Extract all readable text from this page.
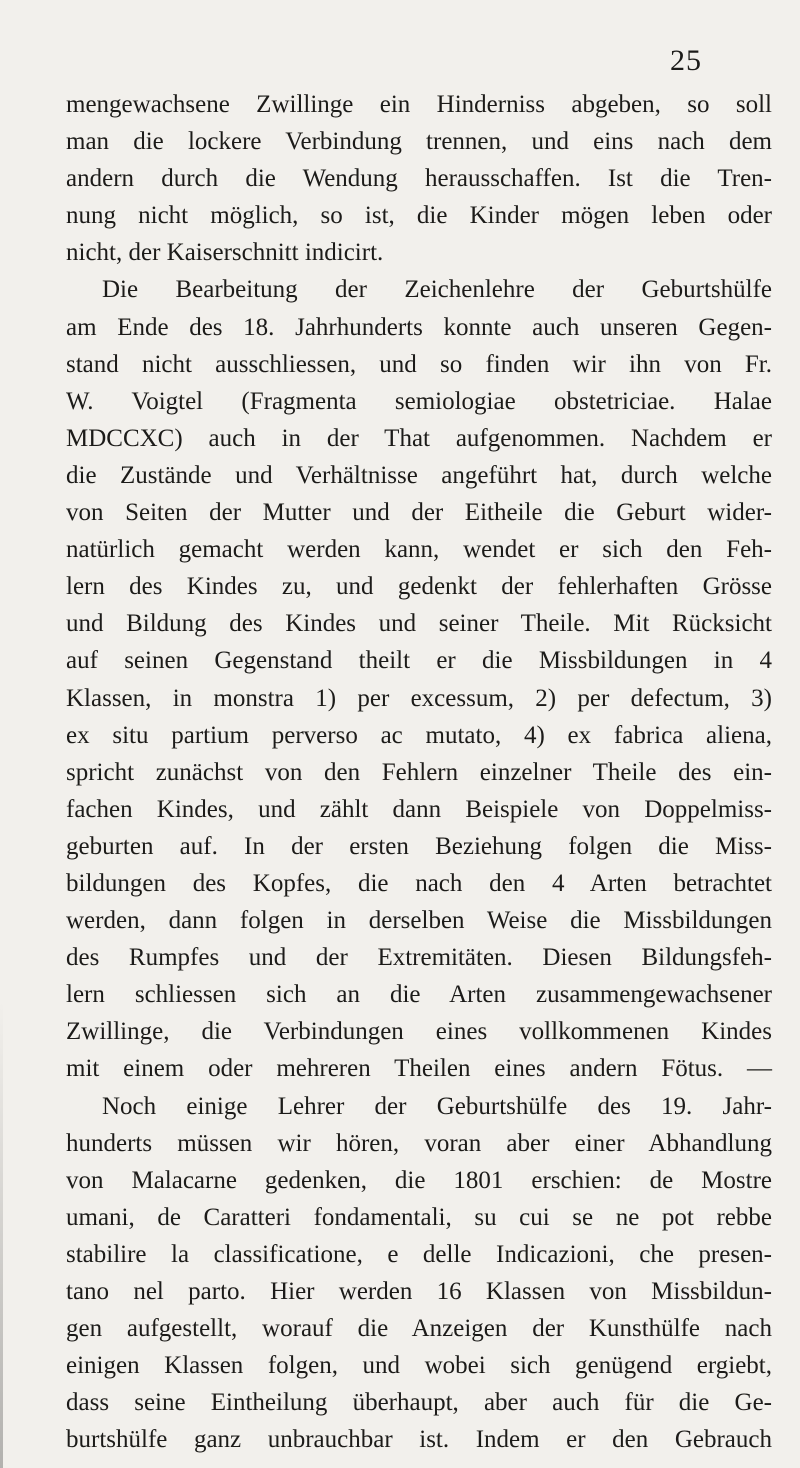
25
mengewachsene Zwillinge ein Hinderniss abgeben, so soll
man die lockere Verbindung trennen, und eins nach dem
andern durch die Wendung herausschaffen. Ist die Tren-
nung nicht möglich, so ist, die Kinder mögen leben oder
nicht, der Kaiserschnitt indicirt.
Die Bearbeitung der Zeichenlehre der Geburtshülfe
am Ende des 18. Jahrhunderts konnte auch unseren Gegen-
stand nicht ausschliessen, und so finden wir ihn von Fr.
W. Voigtel (Fragmenta semiologiae obstetriciae. Halae
MDCCXC) auch in der That aufgenommen. Nachdem er
die Zustände und Verhältnisse angeführt hat, durch welche
von Seiten der Mutter und der Eitheile die Geburt wider-
natürlich gemacht werden kann, wendet er sich den Feh-
lern des Kindes zu, und gedenkt der fehlerhaften Grösse
und Bildung des Kindes und seiner Theile. Mit Rücksicht
auf seinen Gegenstand theilt er die Missbildungen in 4
Klassen, in monstra 1) per excessum, 2) per defectum, 3)
ex situ partium perverso ac mutato, 4) ex fabrica aliena,
spricht zunächst von den Fehlern einzelner Theile des ein-
fachen Kindes, und zählt dann Beispiele von Doppelmiss-
geburten auf. In der ersten Beziehung folgen die Miss-
bildungen des Kopfes, die nach den 4 Arten betrachtet
werden, dann folgen in derselben Weise die Missbildungen
des Rumpfes und der Extremitäten. Diesen Bildungsfeh-
lern schliessen sich an die Arten zusammengewachsener
Zwillinge, die Verbindungen eines vollkommenen Kindes
mit einem oder mehreren Theilen eines andern Fötus. —
Noch einige Lehrer der Geburtshülfe des 19. Jahr-
hunderts müssen wir hören, voran aber einer Abhandlung
von Malacarne gedenken, die 1801 erschien: de Mostre
umani, de Caratteri fondamentali, su cui se ne pot rebbe
stabilire la classificatione, e delle Indicazioni, che presen-
tano nel parto. Hier werden 16 Klassen von Missbildun-
gen aufgestellt, worauf die Anzeigen der Kunsthülfe nach
einigen Klassen folgen, und wobei sich genügend ergiebt,
dass seine Eintheilung überhaupt, aber auch für die Ge-
burtshülfe ganz unbrauchbar ist. Indem er den Gebrauch
